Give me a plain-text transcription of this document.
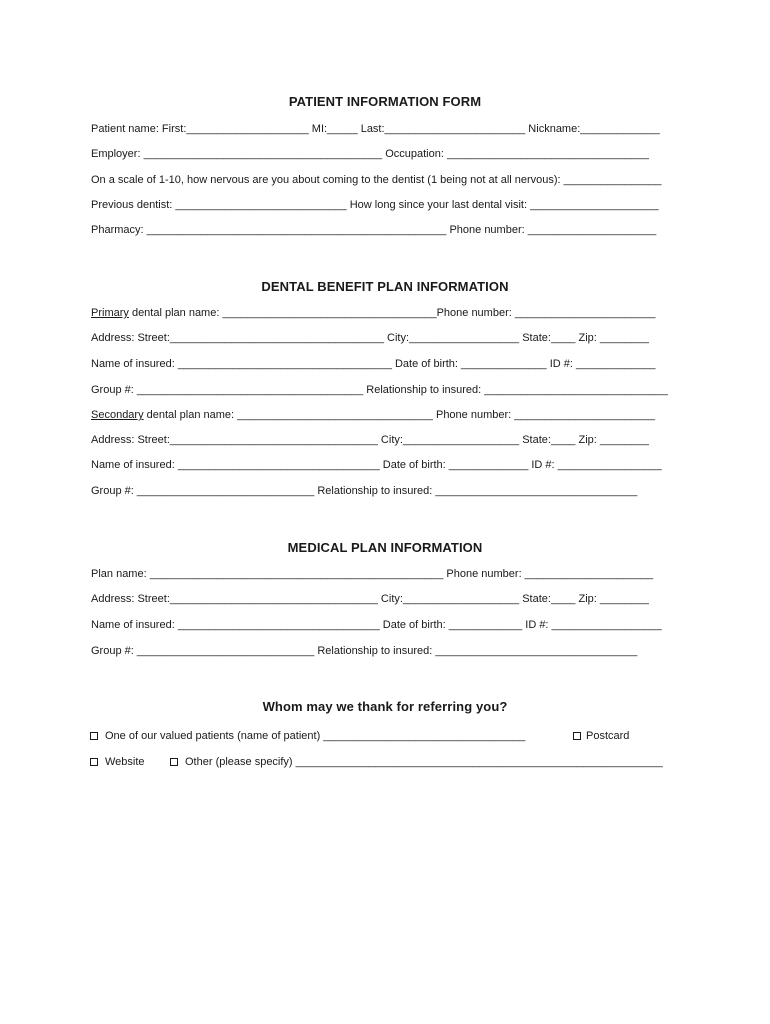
PATIENT INFORMATION FORM
Patient name: First:____________________ MI:_____ Last:_______________________ Nickname:_____________
Employer: _______________________________________ Occupation: _________________________________
On a scale of 1-10, how nervous are you about coming to the dentist (1 being not at all nervous): ________________
Previous dentist: ____________________________ How long since your last dental visit: _____________________
Pharmacy: _________________________________________________ Phone number: _____________________
DENTAL BENEFIT PLAN INFORMATION
Primary dental plan name: ___________________________________Phone number: _______________________
Address: Street:___________________________________ City:__________________ State:____ Zip: ________
Name of insured: ___________________________________ Date of birth: ______________ ID #: _____________
Group #: _____________________________________ Relationship to insured: ______________________________
Secondary dental plan name: ________________________________ Phone number: _______________________
Address: Street:__________________________________ City:___________________ State:____ Zip: ________
Name of insured: _________________________________ Date of birth: _____________ ID #: _________________
Group #: _____________________________ Relationship to insured: _________________________________
MEDICAL PLAN INFORMATION
Plan name: ________________________________________________ Phone number: _____________________
Address: Street:__________________________________ City:___________________ State:____ Zip: ________
Name of insured: _________________________________ Date of birth: ____________ ID #: __________________
Group #: _____________________________ Relationship to insured: _________________________________
Whom may we thank for referring you?
One of our valued patients (name of patient) _________________________________	Postcard
Website	Other (please specify) ____________________________________________________________
